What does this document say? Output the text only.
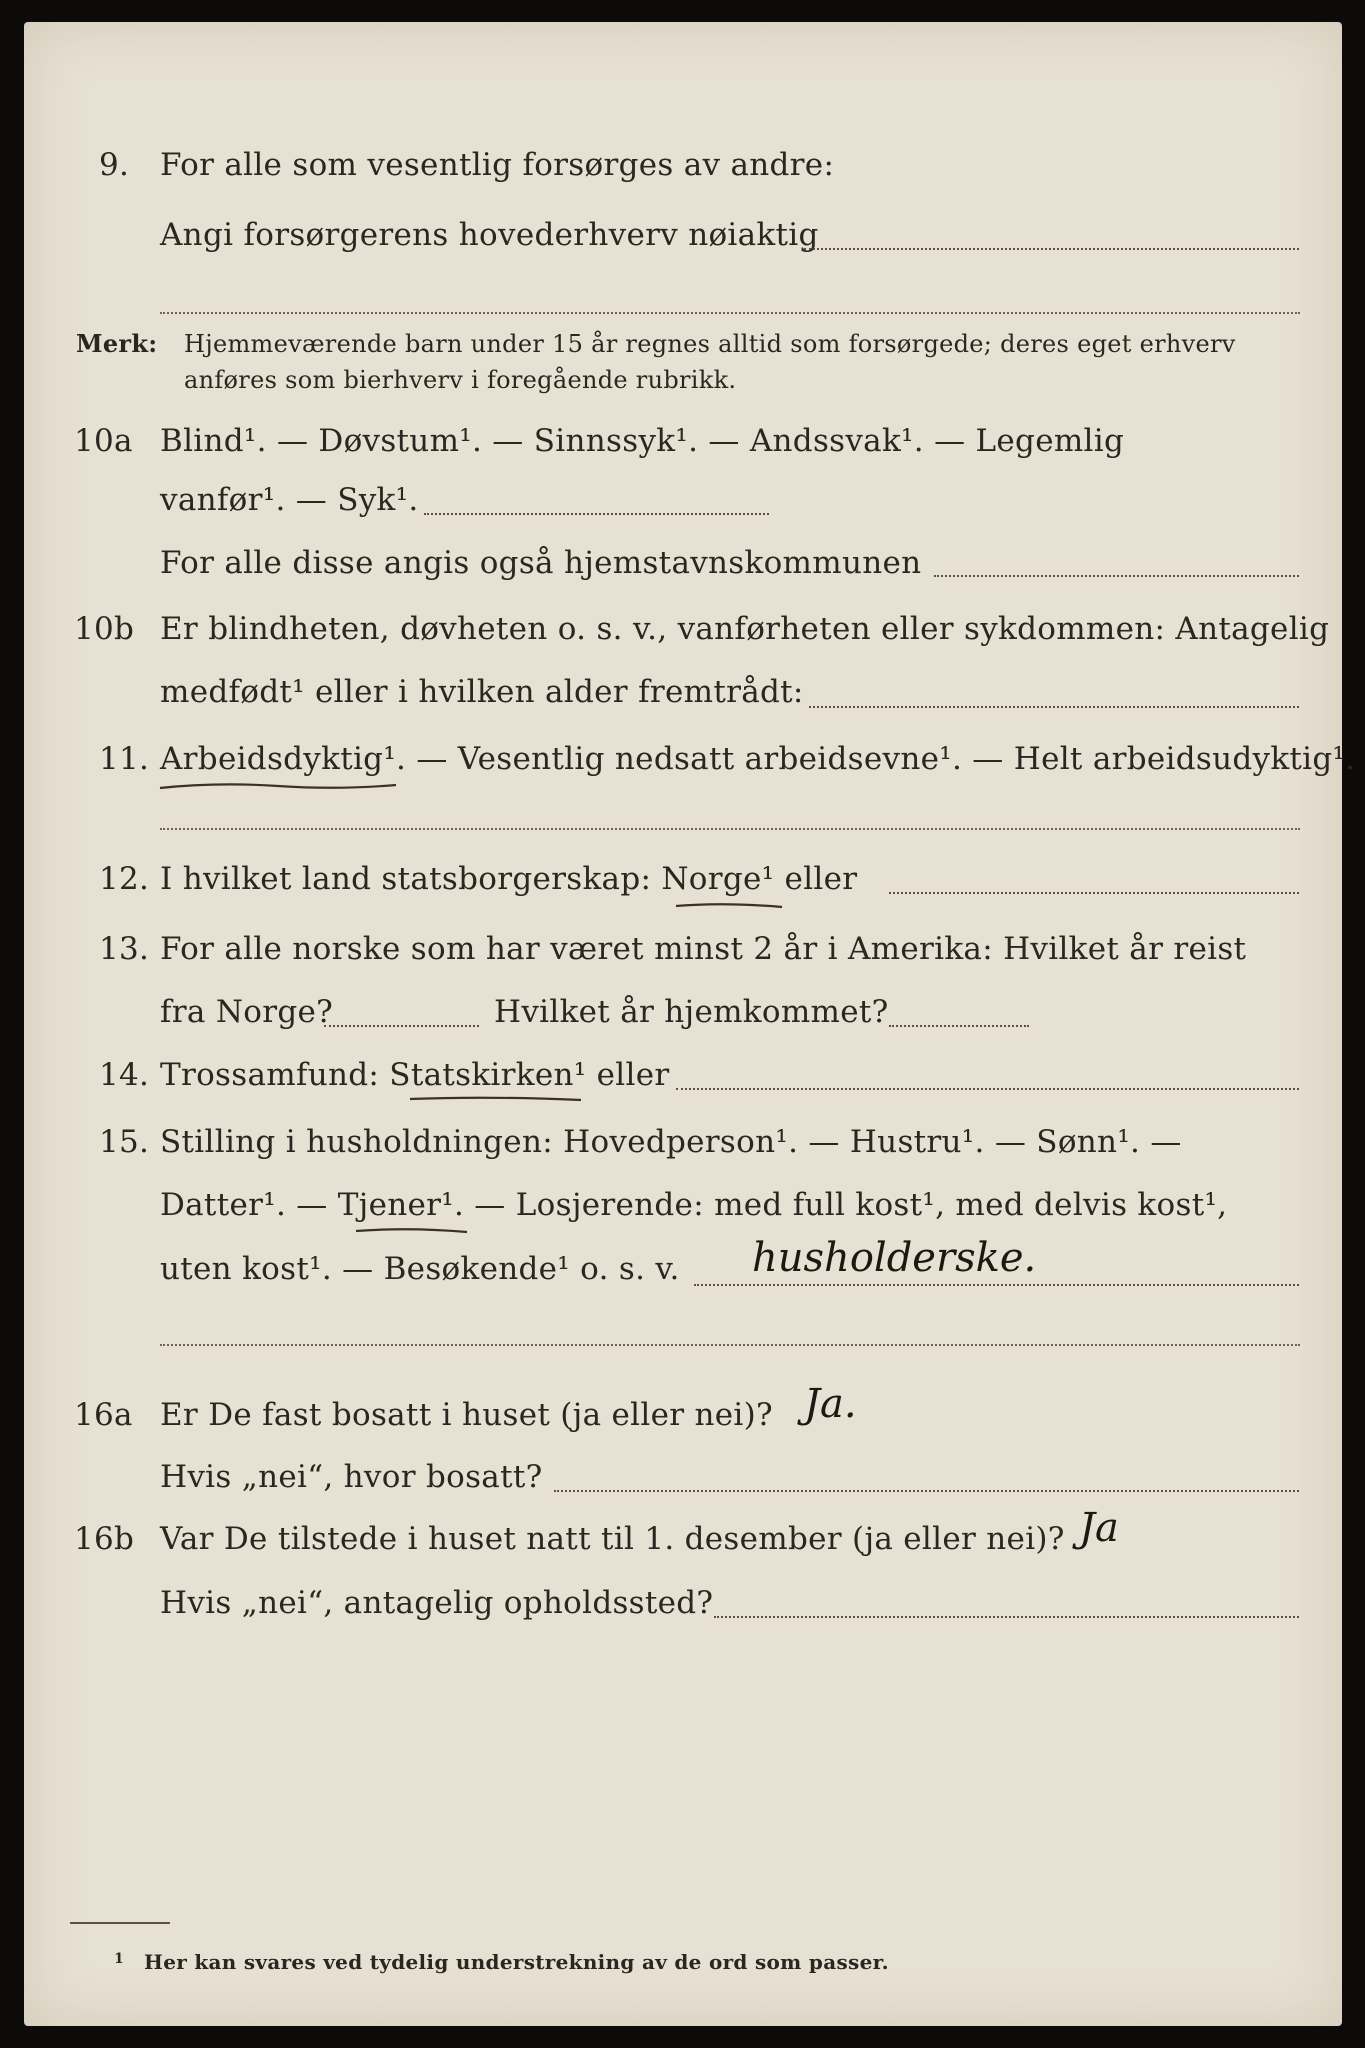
9. For alle som vesentlig forsørges av andre:
Angi forsørgerens hovederhverv nøiaktig
Merk: Hjemmeværende barn under 15 år regnes alltid som forsørgede; deres eget erhverv
anføres som bierhverv i foregående rubrikk.
10a Blind¹. — Døvstum¹. — Sinnssyk¹. — Andssvak¹. — Legemlig
vanfør¹. — Syk¹.
For alle disse angis også hjemstavnskommunen
10b Er blindheten, døvheten o. s. v., vanførheten eller sykdommen: Antagelig
medfødt¹ eller i hvilken alder fremtrådt:
11. Arbeidsdyktig¹. — Vesentlig nedsatt arbeidsevne¹. — Helt arbeidsudyktig¹.
12. I hvilket land statsborgerskap: Norge¹ eller
13. For alle norske som har været minst 2 år i Amerika: Hvilket år reist
fra Norge?	Hvilket år hjemkommet?
14. Trossamfund: Statskirken¹ eller
15. Stilling i husholdningen: Hovedperson¹. — Hustru¹. — Sønn¹. —
Datter¹. — Tjener¹. — Losjerende: med full kost¹, med delvis kost¹,
uten kost¹. — Besøkende¹ o. s. v. husholderske.
16a Er De fast bosatt i huset (ja eller nei)? Ja.
Hvis „nei“, hvor bosatt?
16b Var De tilstede i huset natt til 1. desember (ja eller nei)? Ja
Hvis „nei“, antagelig opholdssted?
1 Her kan svares ved tydelig understrekning av de ord som passer.
